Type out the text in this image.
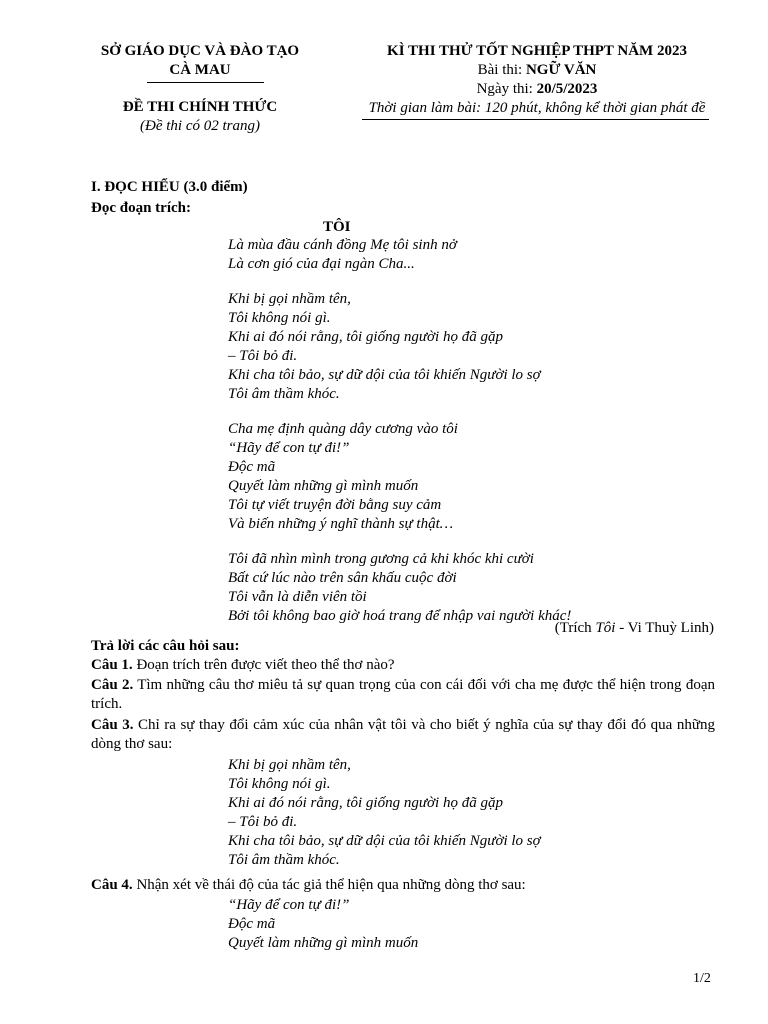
SỞ GIÁO DỤC VÀ ĐÀO TẠO
CÀ MAU
ĐỀ THI CHÍNH THỨC
(Đề thi có 02 trang)
KÌ THI THỬ TỐT NGHIỆP THPT NĂM 2023
Bài thi: NGỮ VĂN
Ngày thi: 20/5/2023
Thời gian làm bài: 120 phút, không kể thời gian phát đề
I. ĐỌC HIỂU (3.0 điểm)
Đọc đoạn trích:
TÔI
Là mùa đầu cánh đồng Mẹ tôi sinh nở
Là cơn gió của đại ngàn Cha...
Khi bị gọi nhầm tên,
Tôi không nói gì.
Khi ai đó nói rằng, tôi giống người họ đã gặp
– Tôi bỏ đi.
Khi cha tôi bảo, sự dữ dội của tôi khiến Người lo sợ
Tôi âm thầm khóc.
Cha mẹ định quàng dây cương vào tôi
“Hãy để con tự đi!”
Độc mã
Quyết làm những gì mình muốn
Tôi tự viết truyện đời bằng suy cảm
Và biến những ý nghĩ thành sự thật…
Tôi đã nhìn mình trong gương cả khi khóc khi cười
Bất cứ lúc nào trên sân khấu cuộc đời
Tôi vẫn là diễn viên tồi
Bởi tôi không bao giờ hoá trang để nhập vai người khác!
(Trích Tôi - Vi Thuỳ Linh)
Trả lời các câu hỏi sau:
Câu 1. Đoạn trích trên được viết theo thể thơ nào?
Câu 2. Tìm những câu thơ miêu tả sự quan trọng của con cái đối với cha mẹ được thể hiện trong đoạn trích.
Câu 3. Chỉ ra sự thay đổi cảm xúc của nhân vật tôi và cho biết ý nghĩa của sự thay đổi đó qua những dòng thơ sau:
Khi bị gọi nhầm tên,
Tôi không nói gì.
Khi ai đó nói rằng, tôi giống người họ đã gặp
– Tôi bỏ đi.
Khi cha tôi bảo, sự dữ dội của tôi khiến Người lo sợ
Tôi âm thầm khóc.
Câu 4. Nhận xét về thái độ của tác giả thể hiện qua những dòng thơ sau:
“Hãy để con tự đi!”
Độc mã
Quyết làm những gì mình muốn
1/2
